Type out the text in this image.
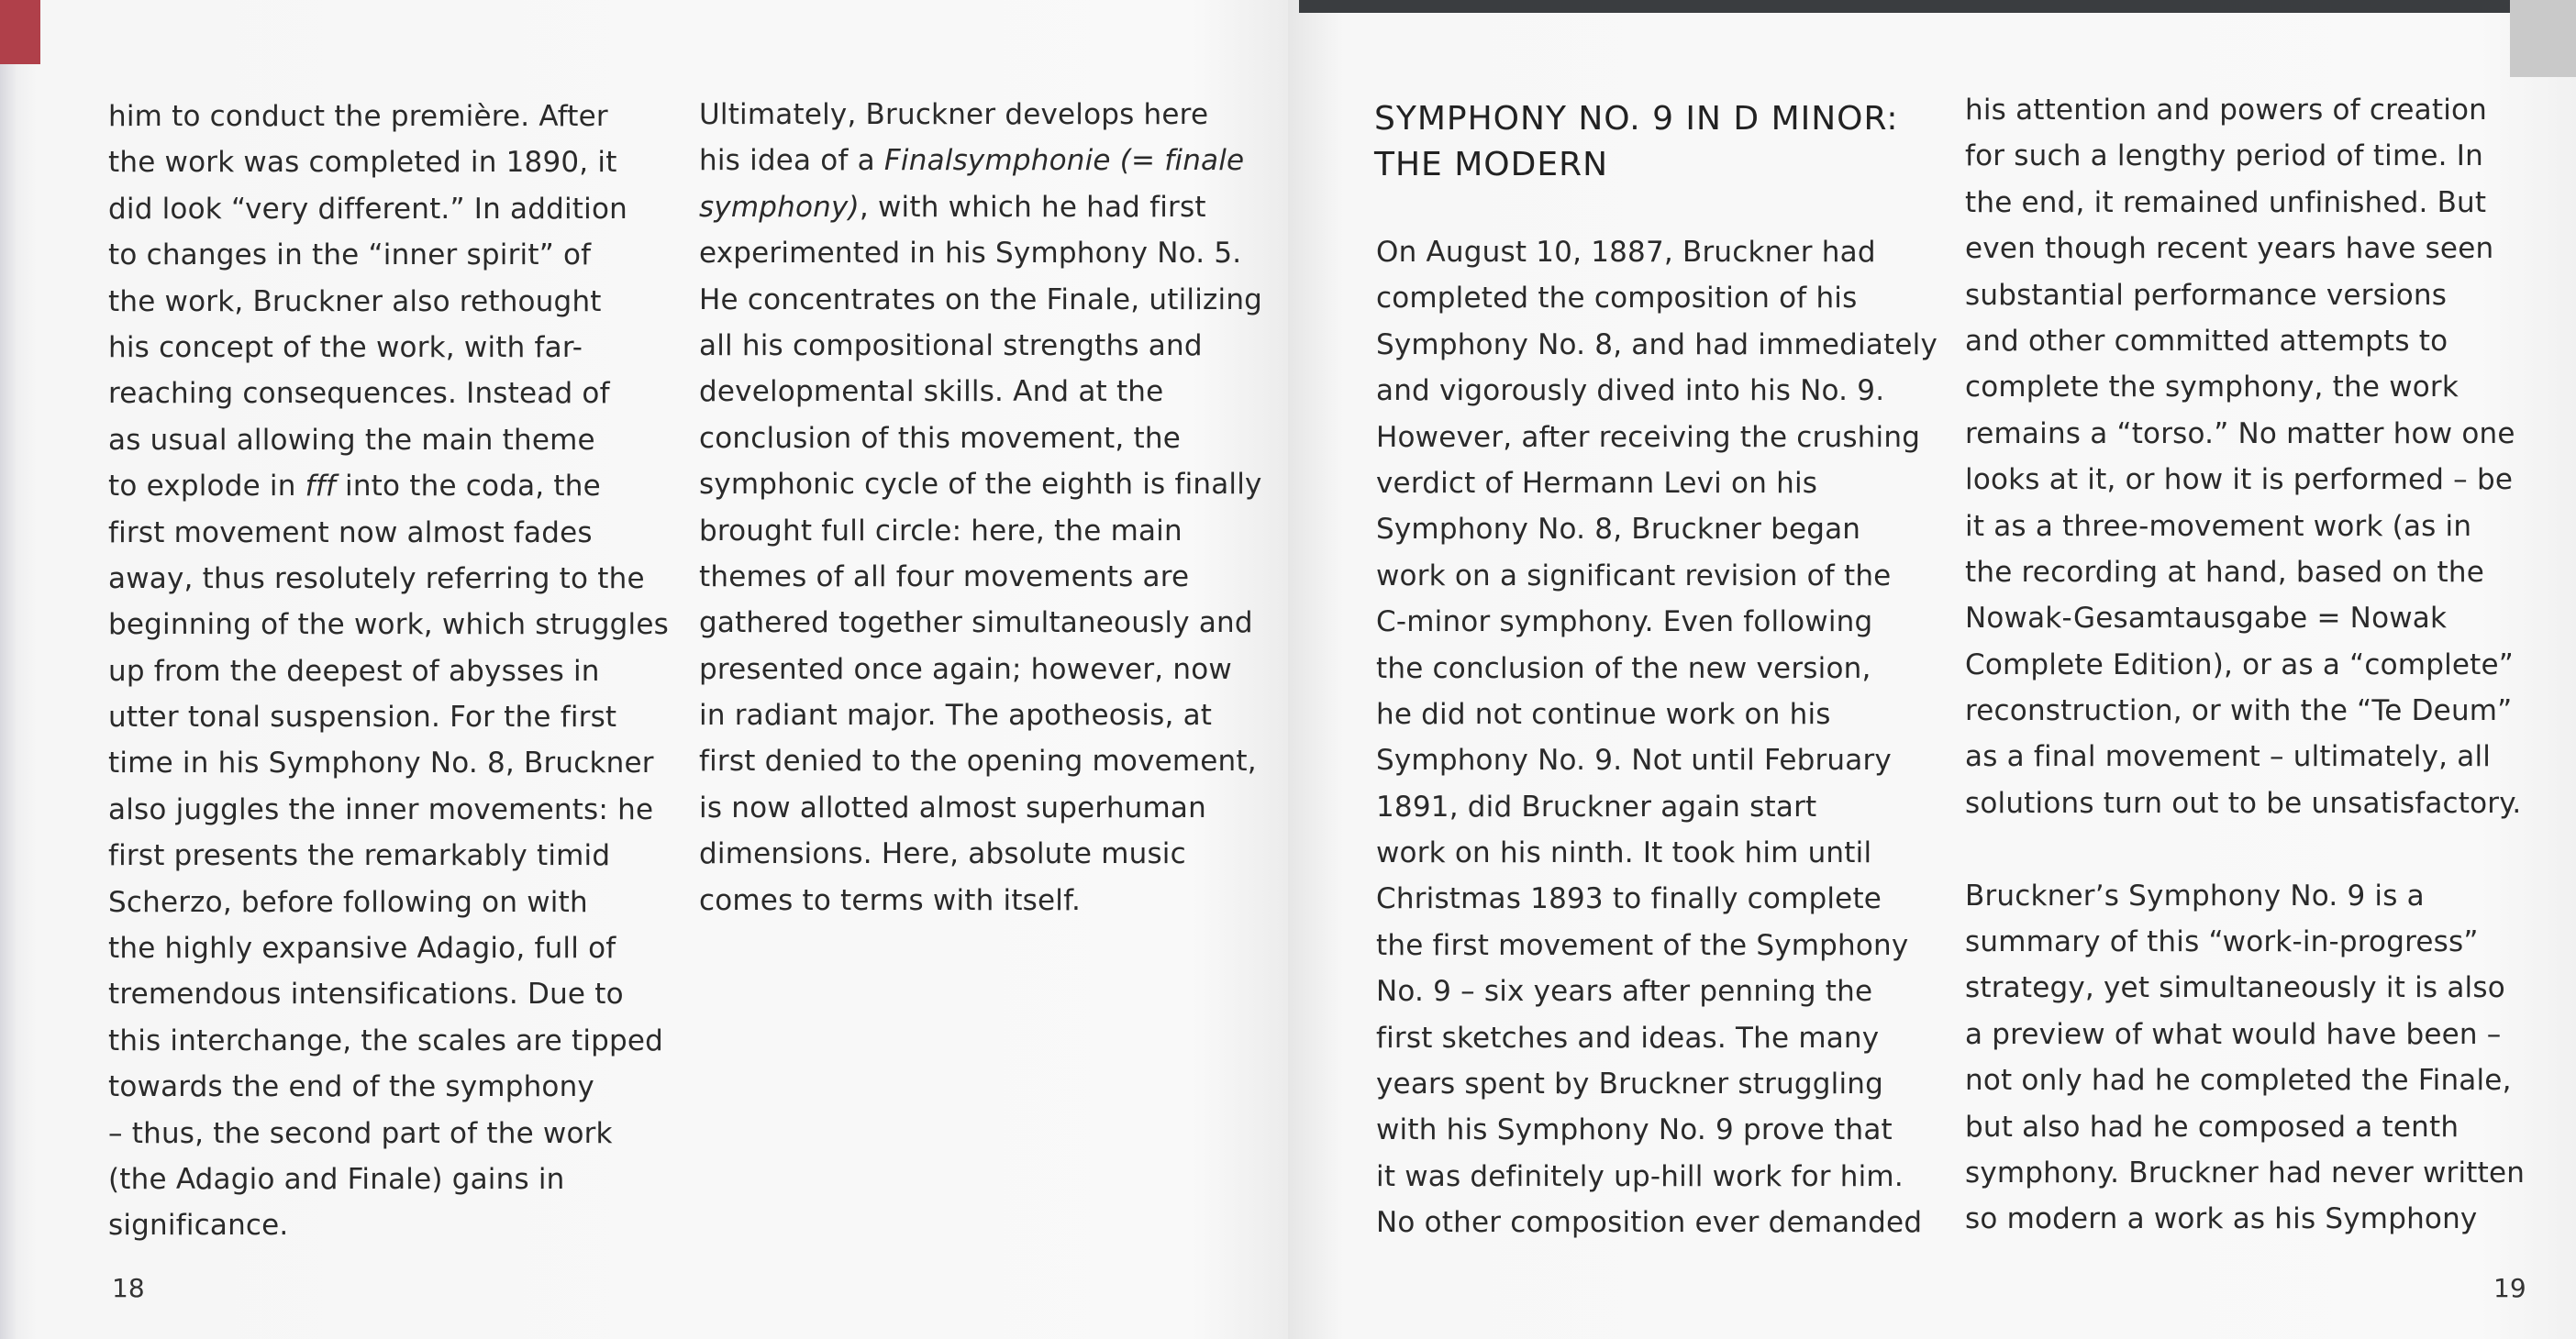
him to conduct the première. After
the work was completed in 1890, it
did look “very different.” In addition
to changes in the “inner spirit” of
the work, Bruckner also rethought
his concept of the work, with far-
reaching consequences. Instead of
as usual allowing the main theme
to explode in fff into the coda, the
first movement now almost fades
away, thus resolutely referring to the
beginning of the work, which struggles
up from the deepest of abysses in
utter tonal suspension. For the first
time in his Symphony No. 8, Bruckner
also juggles the inner movements: he
first presents the remarkably timid
Scherzo, before following on with
the highly expansive Adagio, full of
tremendous intensifications. Due to
this interchange, the scales are tipped
towards the end of the symphony
– thus, the second part of the work
(the Adagio and Finale) gains in
significance.
Ultimately, Bruckner develops here
his idea of a Finalsymphonie (= finale
symphony), with which he had first
experimented in his Symphony No. 5.
He concentrates on the Finale, utilizing
all his compositional strengths and
developmental skills. And at the
conclusion of this movement, the
symphonic cycle of the eighth is finally
brought full circle: here, the main
themes of all four movements are
gathered together simultaneously and
presented once again; however, now
in radiant major. The apotheosis, at
first denied to the opening movement,
is now allotted almost superhuman
dimensions. Here, absolute music
comes to terms with itself.
SYMPHONY NO. 9 IN D MINOR:
THE MODERN
On August 10, 1887, Bruckner had
completed the composition of his
Symphony No. 8, and had immediately
and vigorously dived into his No. 9.
However, after receiving the crushing
verdict of Hermann Levi on his
Symphony No. 8, Bruckner began
work on a significant revision of the
C-minor symphony. Even following
the conclusion of the new version,
he did not continue work on his
Symphony No. 9. Not until February
1891, did Bruckner again start
work on his ninth. It took him until
Christmas 1893 to finally complete
the first movement of the Symphony
No. 9 – six years after penning the
first sketches and ideas. The many
years spent by Bruckner struggling
with his Symphony No. 9 prove that
it was definitely up-hill work for him.
No other composition ever demanded
his attention and powers of creation
for such a lengthy period of time. In
the end, it remained unfinished. But
even though recent years have seen
substantial performance versions
and other committed attempts to
complete the symphony, the work
remains a “torso.” No matter how one
looks at it, or how it is performed – be
it as a three-movement work (as in
the recording at hand, based on the
Nowak-Gesamtausgabe = Nowak
Complete Edition), or as a “complete”
reconstruction, or with the “Te Deum”
as a final movement – ultimately, all
solutions turn out to be unsatisfactory.
Bruckner’s Symphony No. 9 is a
summary of this “work-in-progress”
strategy, yet simultaneously it is also
a preview of what would have been –
not only had he completed the Finale,
but also had he composed a tenth
symphony. Bruckner had never written
so modern a work as his Symphony
18	19
